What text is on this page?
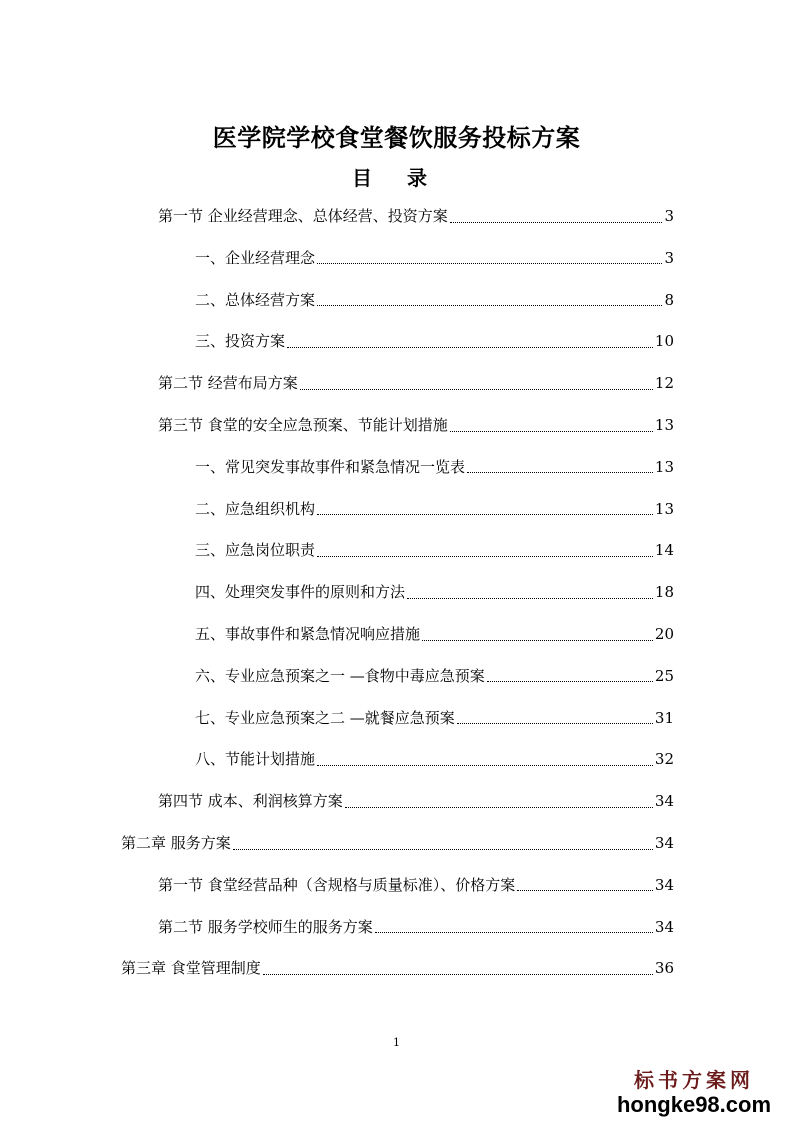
医学院学校食堂餐饮服务投标方案
目 录
第一节 企业经营理念、总体经营、投资方案	3
一、企业经营理念	3
二、总体经营方案	8
三、投资方案	10
第二节 经营布局方案	12
第三节 食堂的安全应急预案、节能计划措施	13
一、常见突发事故事件和紧急情况一览表	13
二、应急组织机构	13
三、应急岗位职责	14
四、处理突发事件的原则和方法	18
五、事故事件和紧急情况响应措施	20
六、专业应急预案之一 —食物中毒应急预案	25
七、专业应急预案之二 —就餐应急预案	31
八、节能计划措施	32
第四节 成本、利润核算方案	34
第二章 服务方案	34
第一节 食堂经营品种（含规格与质量标准）、价格方案	34
第二节 服务学校师生的服务方案	34
第三章 食堂管理制度	36
1
标书方案网
hongke98.com
